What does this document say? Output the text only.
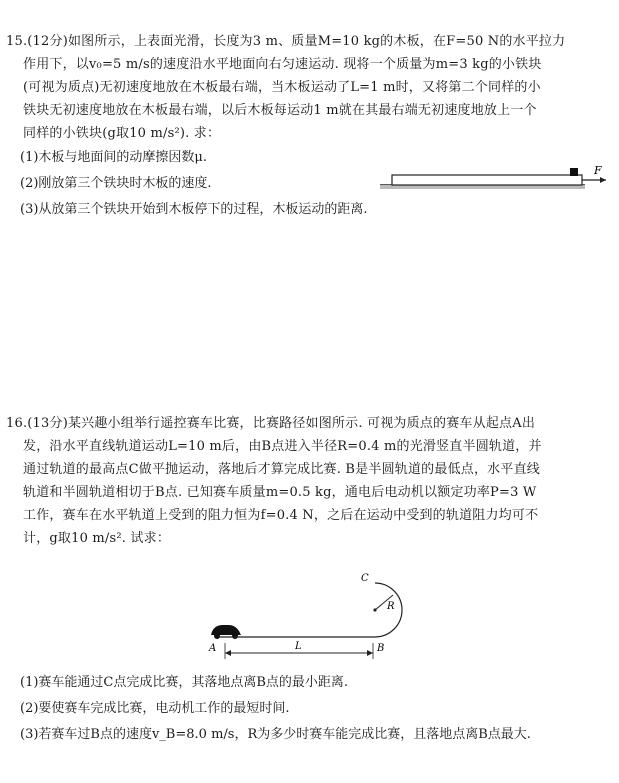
15.(12分)如图所示，上表面光滑，长度为3 m、质量M=10 kg的木板，在F=50 N的水平拉力
作用下，以v₀=5 m/s的速度沿水平地面向右匀速运动. 现将一个质量为m=3 kg的小铁块
(可视为质点)无初速度地放在木板最右端，当木板运动了L=1 m时，又将第二个同样的小
铁块无初速度地放在木板最右端，以后木板每运动1 m就在其最右端无初速度地放上一个
同样的小铁块(g取10 m/s²). 求：
(1)木板与地面间的动摩擦因数μ.
(2)刚放第三个铁块时木板的速度.
(3)从放第三个铁块开始到木板停下的过程，木板运动的距离.
F
16.(13分)某兴趣小组举行遥控赛车比赛，比赛路径如图所示. 可视为质点的赛车从起点A出
发，沿水平直线轨道运动L=10 m后，由B点进入半径R=0.4 m的光滑竖直半圆轨道，并
通过轨道的最高点C做平抛运动，落地后才算完成比赛. B是半圆轨道的最低点，水平直线
轨道和半圆轨道相切于B点. 已知赛车质量m=0.5 kg，通电后电动机以额定功率P=3 W
工作，赛车在水平轨道上受到的阻力恒为f=0.4 N，之后在运动中受到的轨道阻力均可不
计，g取10 m/s². 试求：
A	B
C
R
L
(1)赛车能通过C点完成比赛，其落地点离B点的最小距离.
(2)要使赛车完成比赛，电动机工作的最短时间.
(3)若赛车过B点的速度v_B=8.0 m/s，R为多少时赛车能完成比赛，且落地点离B点最大.
